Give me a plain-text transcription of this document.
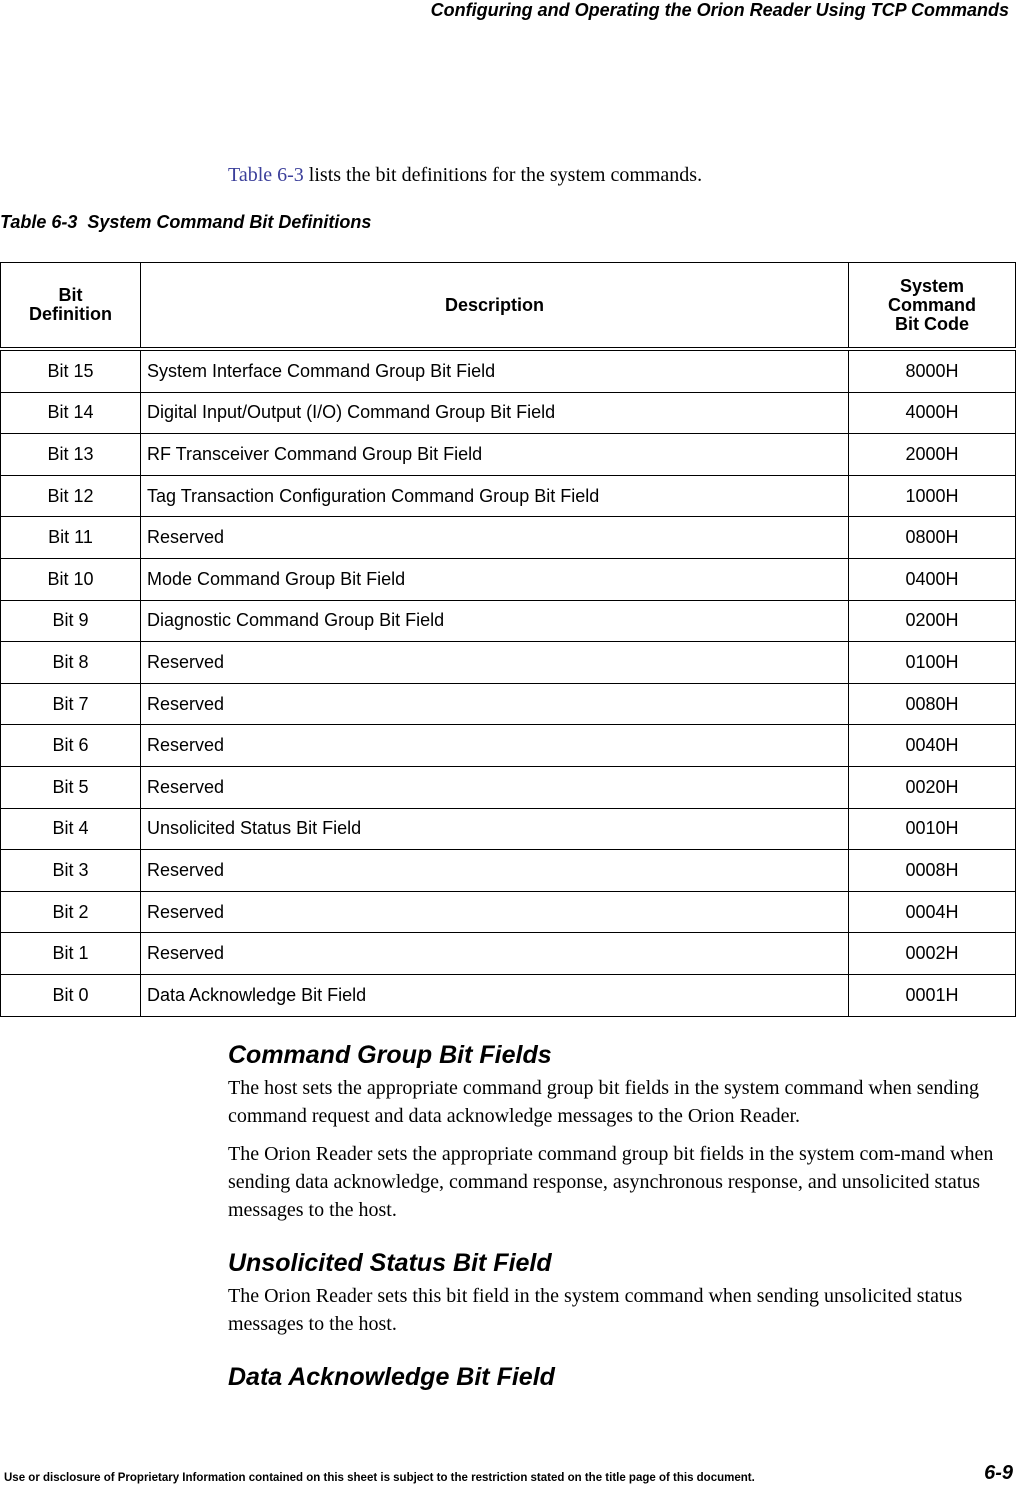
Configuring and Operating the Orion Reader Using TCP Commands
Table 6-3 lists the bit definitions for the system commands.
Table 6-3  System Command Bit Definitions
Bit
Definition	Description	System
Command
Bit Code
Bit 15	System Interface Command Group Bit Field	8000H
Bit 14	Digital Input/Output (I/O) Command Group Bit Field	4000H
Bit 13	RF Transceiver Command Group Bit Field	2000H
Bit 12	Tag Transaction Configuration Command Group Bit Field	1000H
Bit 11	Reserved	0800H
Bit 10	Mode Command Group Bit Field	0400H
Bit 9	Diagnostic Command Group Bit Field	0200H
Bit 8	Reserved	0100H
Bit 7	Reserved	0080H
Bit 6	Reserved	0040H
Bit 5	Reserved	0020H
Bit 4	Unsolicited Status Bit Field	0010H
Bit 3	Reserved	0008H
Bit 2	Reserved	0004H
Bit 1	Reserved	0002H
Bit 0	Data Acknowledge Bit Field	0001H
Command Group Bit Fields

The host sets the appropriate command group bit fields in the system command when sending command request and data acknowledge messages to the Orion Reader.

The Orion Reader sets the appropriate command group bit fields in the system com-mand when sending data acknowledge, command response, asynchronous response, and unsolicited status messages to the host.

Unsolicited Status Bit Field

The Orion Reader sets this bit field in the system command when sending unsolicited status messages to the host.

Data Acknowledge Bit Field
Use or disclosure of Proprietary Information contained on this sheet is subject to the restriction stated on the title page of this document.	6-9
